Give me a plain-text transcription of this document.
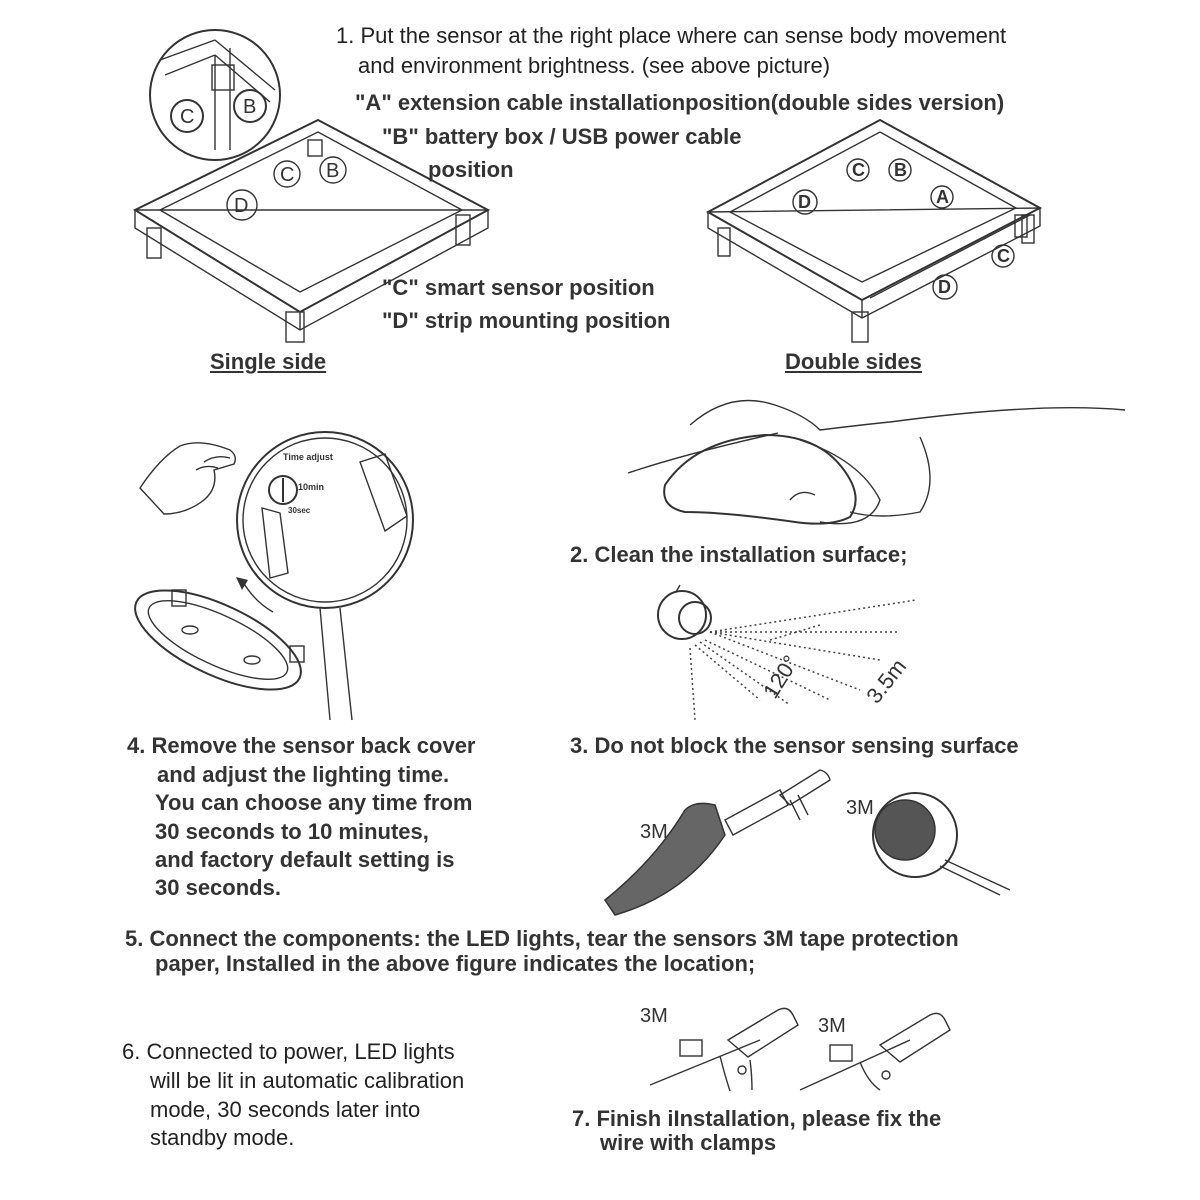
C B
C B
D
C B
A
D
C
D
Time adjust
10min
30sec
120°	3.5m
3M
3M
3M	3M
1. Put the sensor at the right place where can sense body movement
and environment brightness. (see above picture)
"A" extension cable installationposition(double sides version)
"B" battery box / USB power cable
position
"C" smart sensor position
"D" strip mounting position
Single side	Double sides
2. Clean the installation surface;
3. Do not block the sensor sensing surface
4. Remove the sensor back cover
and adjust the lighting time.
You can choose any time from
30 seconds to 10 minutes,
and factory default setting is
30 seconds.
5. Connect the components: the LED lights, tear the sensors 3M tape protection
paper, Installed in the above figure indicates the location;
6. Connected to power, LED lights
will be lit in automatic calibration
mode, 30 seconds later into
standby mode.
7. Finish iInstallation, please fix the
wire with clamps
